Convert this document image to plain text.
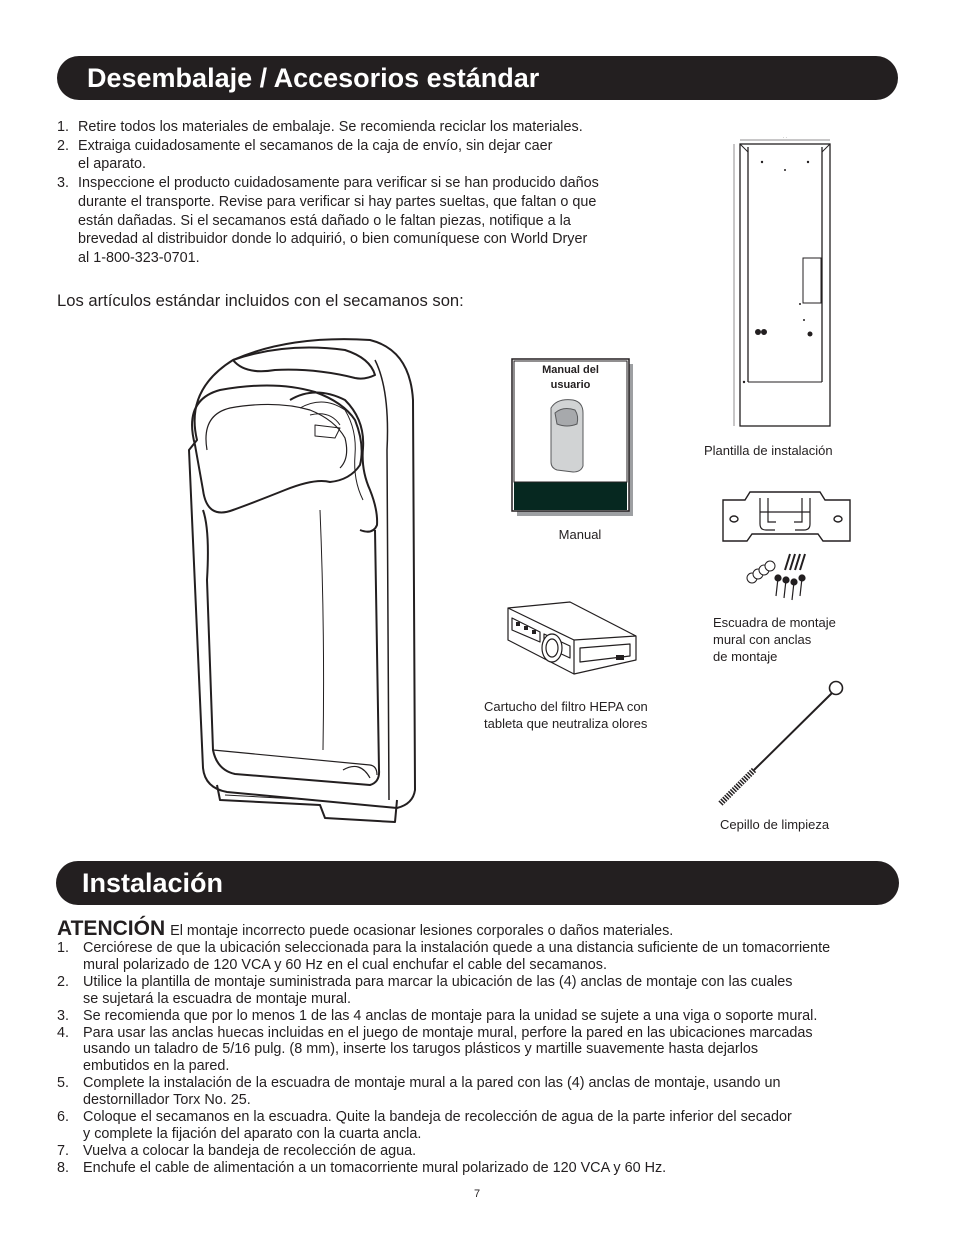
Desembalaje / Accesorios estándar
1. Retire todos los materiales de embalaje. Se recomienda reciclar los materiales.
2. Extraiga cuidadosamente el secamanos de la caja de envío, sin dejar caer
el aparato.
3. Inspeccione el producto cuidadosamente para verificar si se han producido daños
durante el transporte. Revise para verificar si hay partes sueltas, que faltan o que
están dañadas. Si el secamanos está dañado o le faltan piezas, notifique a la
brevedad al distribuidor donde lo adquirió, o bien comuníquese con World Dryer
al 1-800-323-0701.
Los artículos estándar incluidos con el secamanos son:
Manual del
usuario
Manual
· ·
Plantilla de instalación
Escuadra de montaje
mural con anclas
de montaje
Cartucho del filtro HEPA con
tableta que neutraliza olores
Cepillo de limpieza
Instalación
ATENCIÓN El montaje incorrecto puede ocasionar lesiones corporales o daños materiales.
1. Cerciórese de que la ubicación seleccionada para la instalación quede a una distancia suficiente de un tomacorriente
mural polarizado de 120 VCA y 60 Hz en el cual enchufar el cable del secamanos.
2. Utilice la plantilla de montaje suministrada para marcar la ubicación de las (4) anclas de montaje con las cuales
se sujetará la escuadra de montaje mural.
3. Se recomienda que por lo menos 1 de las 4 anclas de montaje para la unidad se sujete a una viga o soporte mural.
4. Para usar las anclas huecas incluidas en el juego de montaje mural, perfore la pared en las ubicaciones marcadas
usando un taladro de 5/16 pulg. (8 mm), inserte los tarugos plásticos y martille suavemente hasta dejarlos
embutidos en la pared.
5. Complete la instalación de la escuadra de montaje mural a la pared con las (4) anclas de montaje, usando un
destornillador Torx No. 25.
6. Coloque el secamanos en la escuadra. Quite la bandeja de recolección de agua de la parte inferior del secador
y complete la fijación del aparato con la cuarta ancla.
7. Vuelva a colocar la bandeja de recolección de agua.
8. Enchufe el cable de alimentación a un tomacorriente mural polarizado de 120 VCA y 60 Hz.
7
